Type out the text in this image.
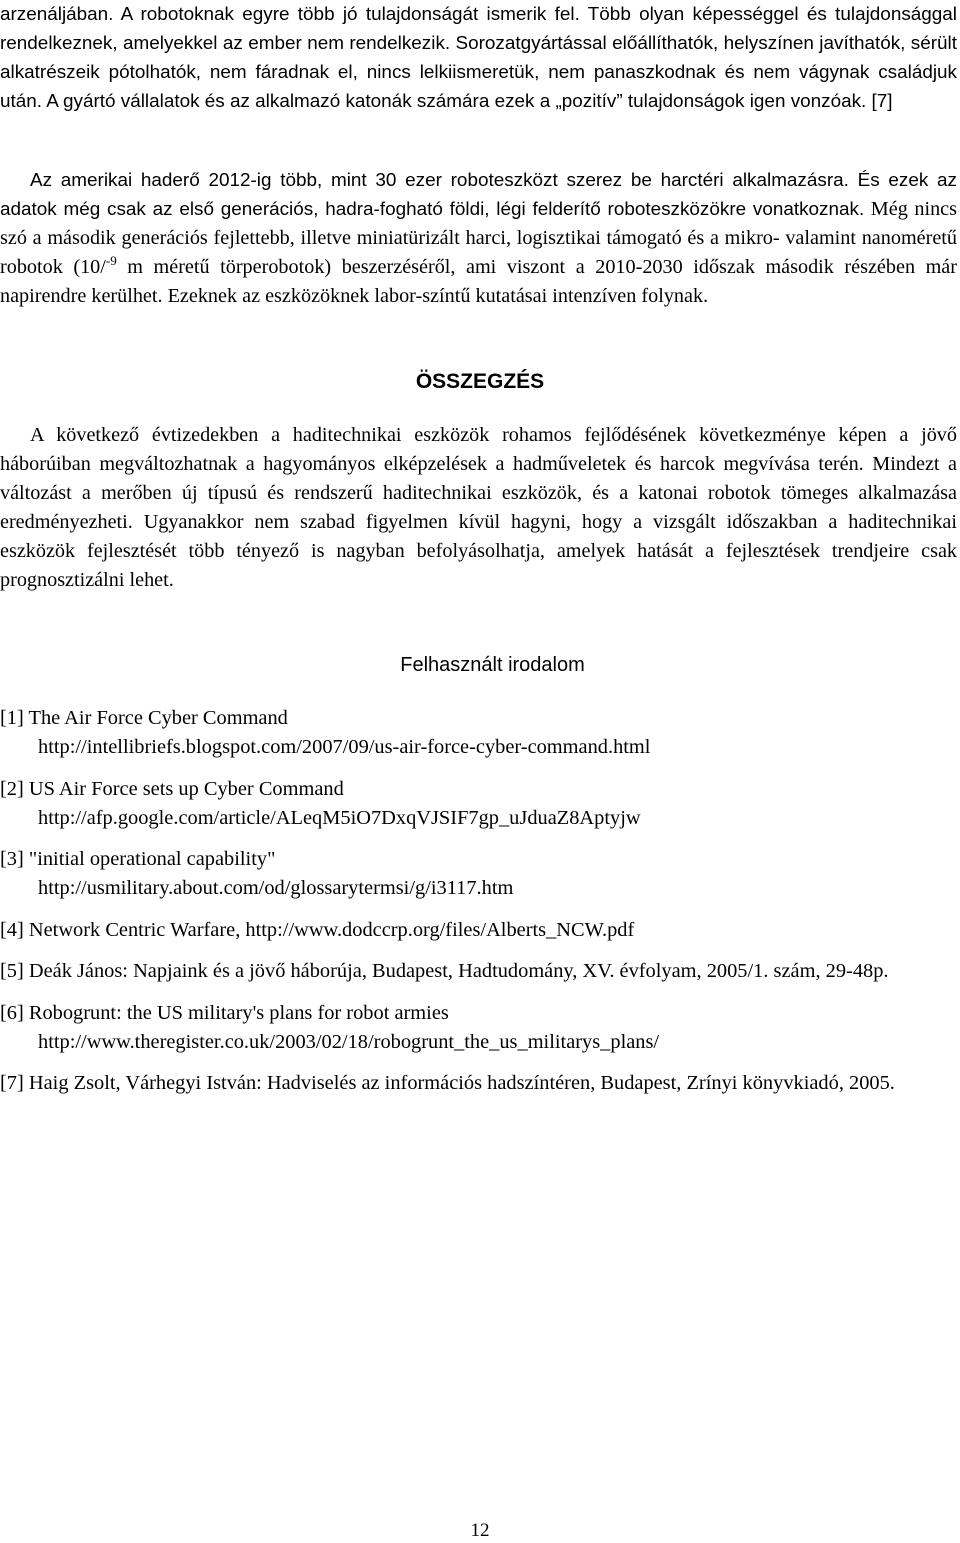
arzenáljában. A robotoknak egyre több jó tulajdonságát ismerik fel. Több olyan képességgel és tulajdonsággal rendelkeznek, amelyekkel az ember nem rendelkezik. Sorozatgyártással előállíthatók, helyszínen javíthatók, sérült alkatrészeik pótolhatók, nem fáradnak el, nincs lelkiismeretük, nem panaszkodnak és nem vágynak családjuk után. A gyártó vállalatok és az alkalmazó katonák számára ezek a „pozitív” tulajdonságok igen vonzóak. [7]

Az amerikai haderő 2012-ig több, mint 30 ezer roboteszközt szerez be harctéri alkalmazásra. És ezek az adatok még csak az első generációs, hadra-fogható földi, légi felderítő roboteszközökre vonatkoznak. Még nincs szó a második generációs fejlettebb, illetve miniatürizált harci, logisztikai támogató és a mikro- valamint nanoméretű robotok (10/$^{-9}$ m méretű törperobotok) beszerzéséről, ami viszont a 2010-2030 időszak második részében már napirendre kerülhet. Ezeknek az eszközöknek labor-színtű kutatásai intenzíven folynak.

ÖSSZEGZÉS

A következő évtizedekben a haditechnikai eszközök rohamos fejlődésének következménye képen a jövő háborúiban megváltozhatnak a hagyományos elképzelések a hadműveletek és harcok megvívása terén. Mindezt a változást a merőben új típusú és rendszerű haditechnikai eszközök, és a katonai robotok tömeges alkalmazása eredményezheti. Ugyanakkor nem szabad figyelmen kívül hagyni, hogy a vizsgált időszakban a haditechnikai eszközök fejlesztését több tényező is nagyban befolyásolhatja, amelyek hatását a fejlesztések trendjeire csak prognosztizálni lehet.

Felhasznált irodalom
[1] The Air Force Cyber Command
http://intellibriefs.blogspot.com/2007/09/us-air-force-cyber-command.html
[2] US Air Force sets up Cyber Command
http://afp.google.com/article/ALeqM5iO7DxqVJSIF7gp_uJduaZ8Aptyjw
[3] "initial operational capability"
http://usmilitary.about.com/od/glossarytermsi/g/i3117.htm
[4] Network Centric Warfare, http://www.dodccrp.org/files/Alberts_NCW.pdf
[5] Deák János: Napjaink és a jövő háborúja, Budapest, Hadtudomány, XV. évfolyam, 2005/1. szám, 29-48p.
[6] Robogrunt: the US military's plans for robot armies
http://www.theregister.co.uk/2003/02/18/robogrunt_the_us_militarys_plans/
[7] Haig Zsolt, Várhegyi István: Hadviselés az információs hadszíntéren, Budapest, Zrínyi könyvkiadó, 2005.

12
